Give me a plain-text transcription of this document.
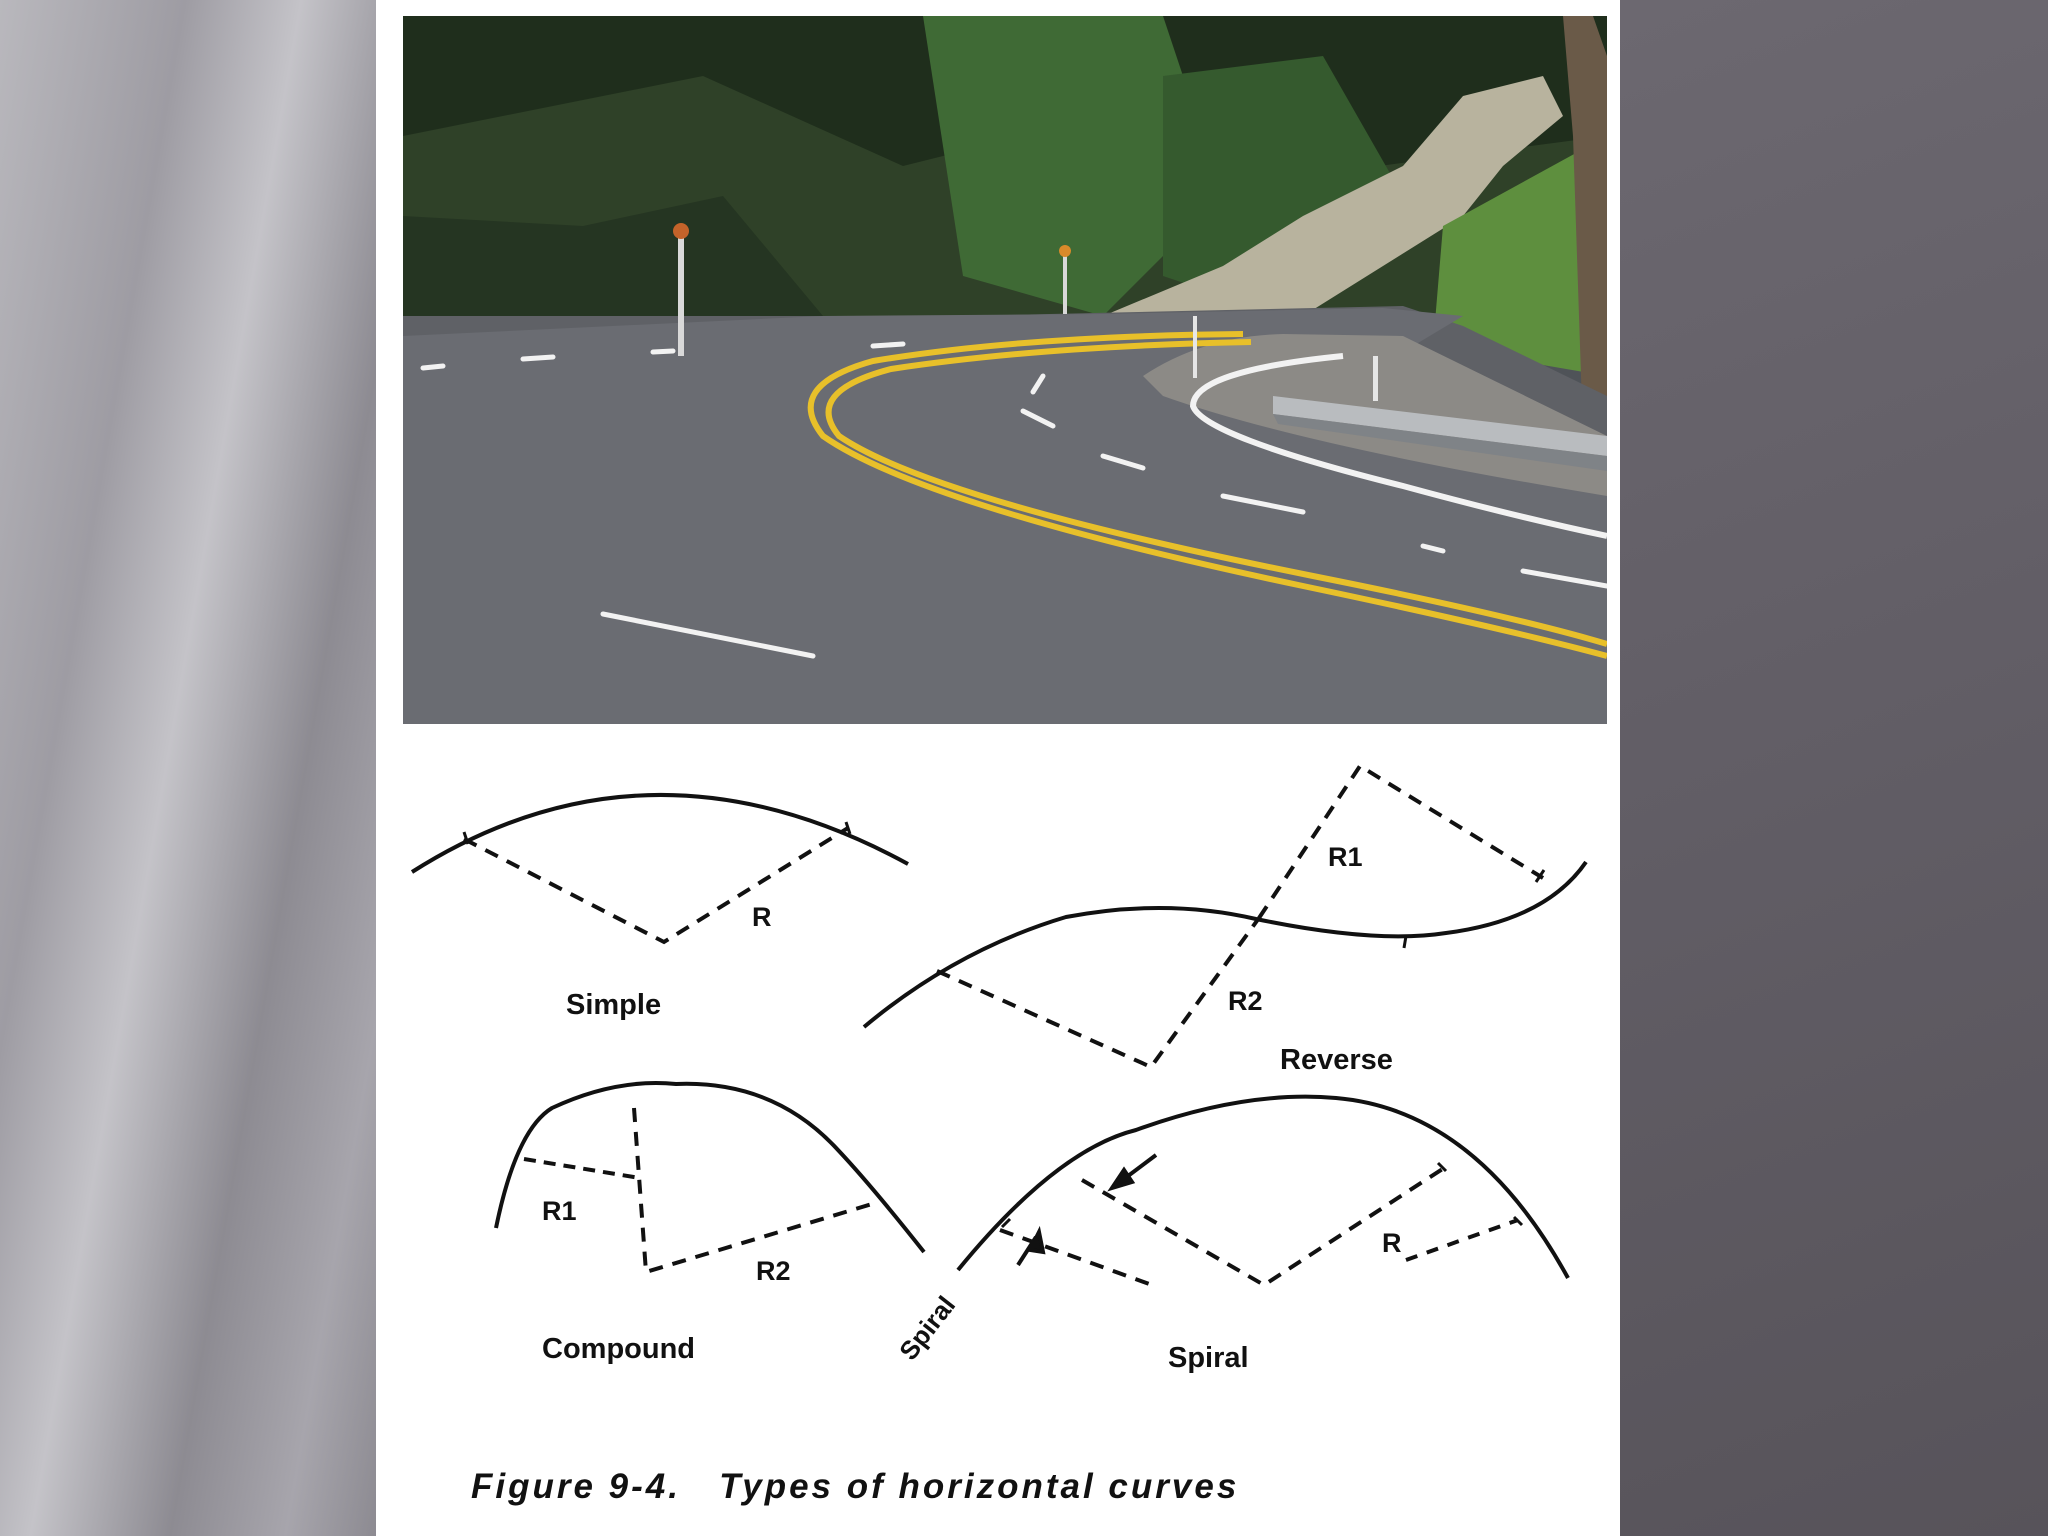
R
Simple
R1
R2
Reverse
R1
R2
Compound	Spiral
R
Spiral
Figure 9-4.   Types of horizontal curves
